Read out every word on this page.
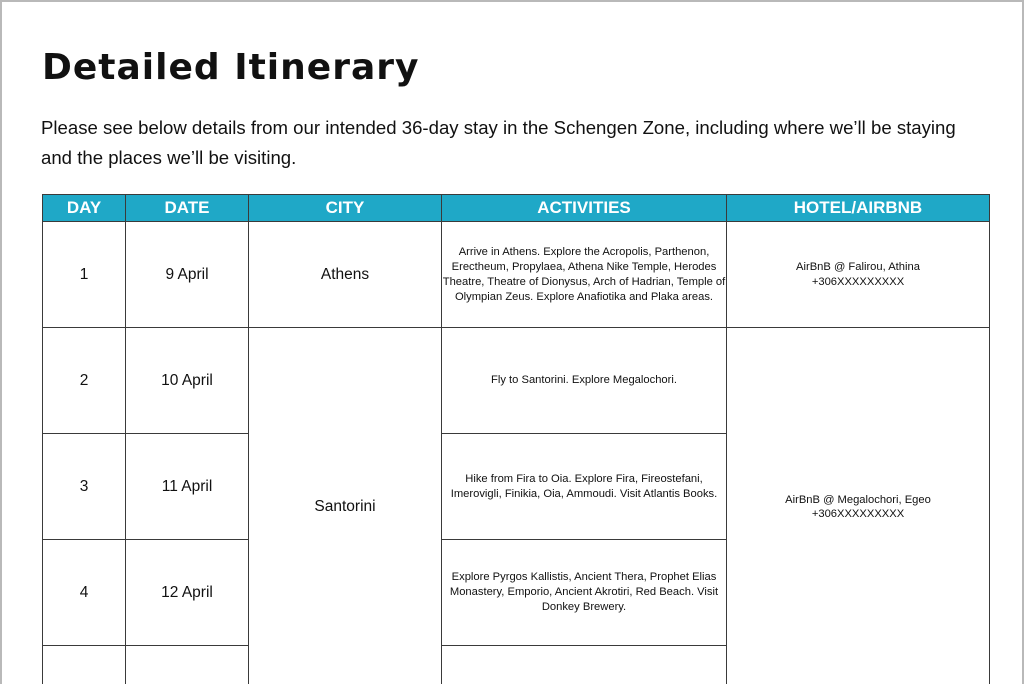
Detailed Itinerary

Please see below details from our intended 36-day stay in the Schengen Zone, including where we’ll be staying and the places we’ll be visiting.

DAY	DATE	CITY	ACTIVITIES	HOTEL/AIRBNB
1	9 April	Athens	Arrive in Athens. Explore the Acropolis, Parthenon, Erectheum, Propylaea, Athena Nike Temple, Herodes Theatre, Theatre of Dionysus, Arch of Hadrian, Temple of Olympian Zeus. Explore Anafiotika and Plaka areas.	AirBnB @ Falirou, Athina
+306XXXXXXXXX

2	10 April	Santorini	Fly to Santorini. Explore Megalochori.	AirBnB @ Megalochori, Egeo
+306XXXXXXXXX

3	11 April		Hike from Fira to Oia. Explore Fira, Fireostefani, Imerovigli, Finikia, Oia, Ammoudi. Visit Atlantis Books.	
4	12 April		Explore Pyrgos Kallistis, Ancient Thera, Prophet Elias Monastery, Emporio, Ancient Akrotiri, Red Beach. Visit Donkey Brewery.	
